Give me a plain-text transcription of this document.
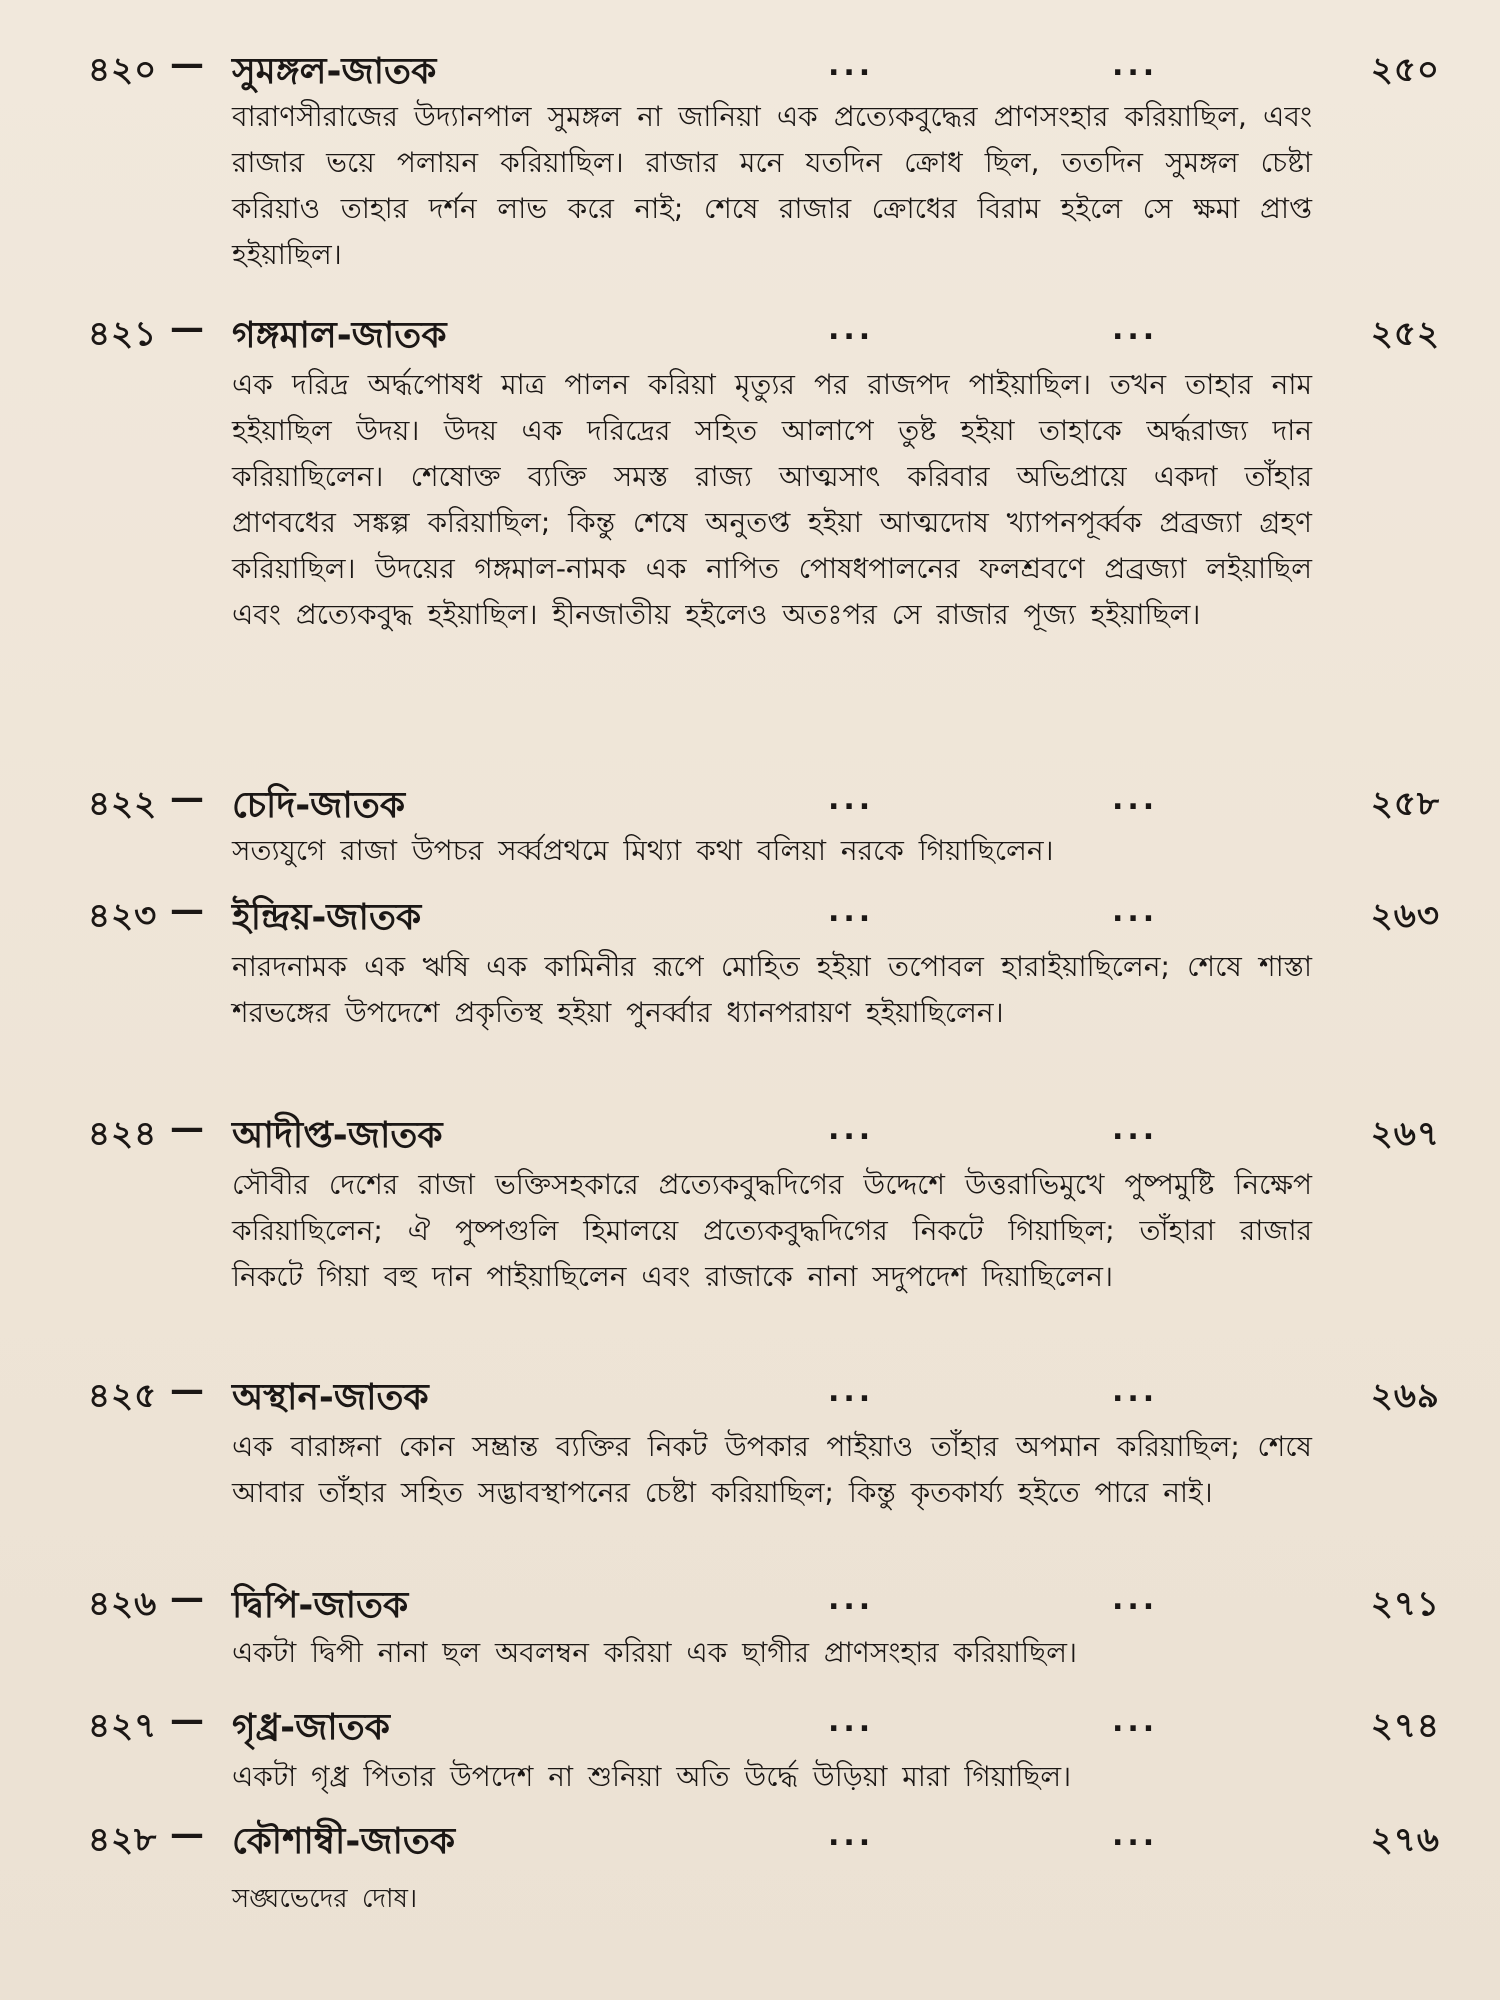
৪২০ — সুমঙ্গল-জাতক	...	...	২৫০
বারাণসীরাজের উদ্যানপাল সুমঙ্গল না জানিয়া এক প্রত্যেকবুদ্ধের প্রাণসংহার করিয়াছিল, এবং রাজার ভয়ে পলায়ন করিয়াছিল। রাজার মনে যতদিন ক্রোধ ছিল, ততদিন সুমঙ্গল চেষ্টা করিয়াও তাহার দর্শন লাভ করে নাই; শেষে রাজার ক্রোধের বিরাম হইলে সে ক্ষমা প্রাপ্ত হইয়াছিল।
৪২১ — গঙ্গমাল-জাতক	...	...	২৫২
এক দরিদ্র অর্দ্ধপোষধ মাত্র পালন করিয়া মৃত্যুর পর রাজপদ পাইয়াছিল। তখন তাহার নাম হইয়াছিল উদয়। উদয় এক দরিদ্রের সহিত আলাপে তুষ্ট হইয়া তাহাকে অর্দ্ধরাজ্য দান করিয়াছিলেন। শেষোক্ত ব্যক্তি সমস্ত রাজ্য আত্মসাৎ করিবার অভিপ্রায়ে একদা তাঁহার প্রাণবধের সঙ্কল্প করিয়াছিল; কিন্তু শেষে অনুতপ্ত হইয়া আত্মদোষ খ্যাপনপূর্ব্বক প্রব্রজ্যা গ্রহণ করিয়াছিল। উদয়ের গঙ্গমাল-নামক এক নাপিত পোষধপালনের ফলশ্রবণে প্রব্রজ্যা লইয়াছিল এবং প্রত্যেকবুদ্ধ হইয়াছিল। হীনজাতীয় হইলেও অতঃপর সে রাজার পূজ্য হইয়াছিল।
৪২২ — চেদি-জাতক	...	...	২৫৮
সত্যযুগে রাজা উপচর সর্ব্বপ্রথমে মিথ্যা কথা বলিয়া নরকে গিয়াছিলেন।
৪২৩ — ইন্দ্রিয়-জাতক	...	...	২৬৩
নারদনামক এক ঋষি এক কামিনীর রূপে মোহিত হইয়া তপোবল হারাইয়াছিলেন; শেষে শাস্তা শরভঙ্গের উপদেশে প্রকৃতিস্থ হইয়া পুনর্ব্বার ধ্যানপরায়ণ হইয়াছিলেন।
৪২৪ — আদীপ্ত-জাতক	...	...	২৬৭
সৌবীর দেশের রাজা ভক্তিসহকারে প্রত্যেকবুদ্ধদিগের উদ্দেশে উত্তরাভিমুখে পুষ্পমুষ্টি নিক্ষেপ করিয়াছিলেন; ঐ পুষ্পগুলি হিমালয়ে প্রত্যেকবুদ্ধদিগের নিকটে গিয়াছিল; তাঁহারা রাজার নিকটে গিয়া বহু দান পাইয়াছিলেন এবং রাজাকে নানা সদুপদেশ দিয়াছিলেন।
৪২৫ — অস্থান-জাতক	...	...	২৬৯
এক বারাঙ্গনা কোন সম্ভ্রান্ত ব্যক্তির নিকট উপকার পাইয়াও তাঁহার অপমান করিয়াছিল; শেষে আবার তাঁহার সহিত সদ্ভাবস্থাপনের চেষ্টা করিয়াছিল; কিন্তু কৃতকার্য্য হইতে পারে নাই।
৪২৬ — দ্বিপি-জাতক	...	...	২৭১
একটা দ্বিপী নানা ছল অবলম্বন করিয়া এক ছাগীর প্রাণসংহার করিয়াছিল।
৪২৭ — গৃধ্র-জাতক	...	...	২৭৪
একটা গৃধ্র পিতার উপদেশ না শুনিয়া অতি উর্দ্ধে উড়িয়া মারা গিয়াছিল।
৪২৮ — কৌশাম্বী-জাতক	...	...	২৭৬
সঙ্ঘভেদের দোষ।
